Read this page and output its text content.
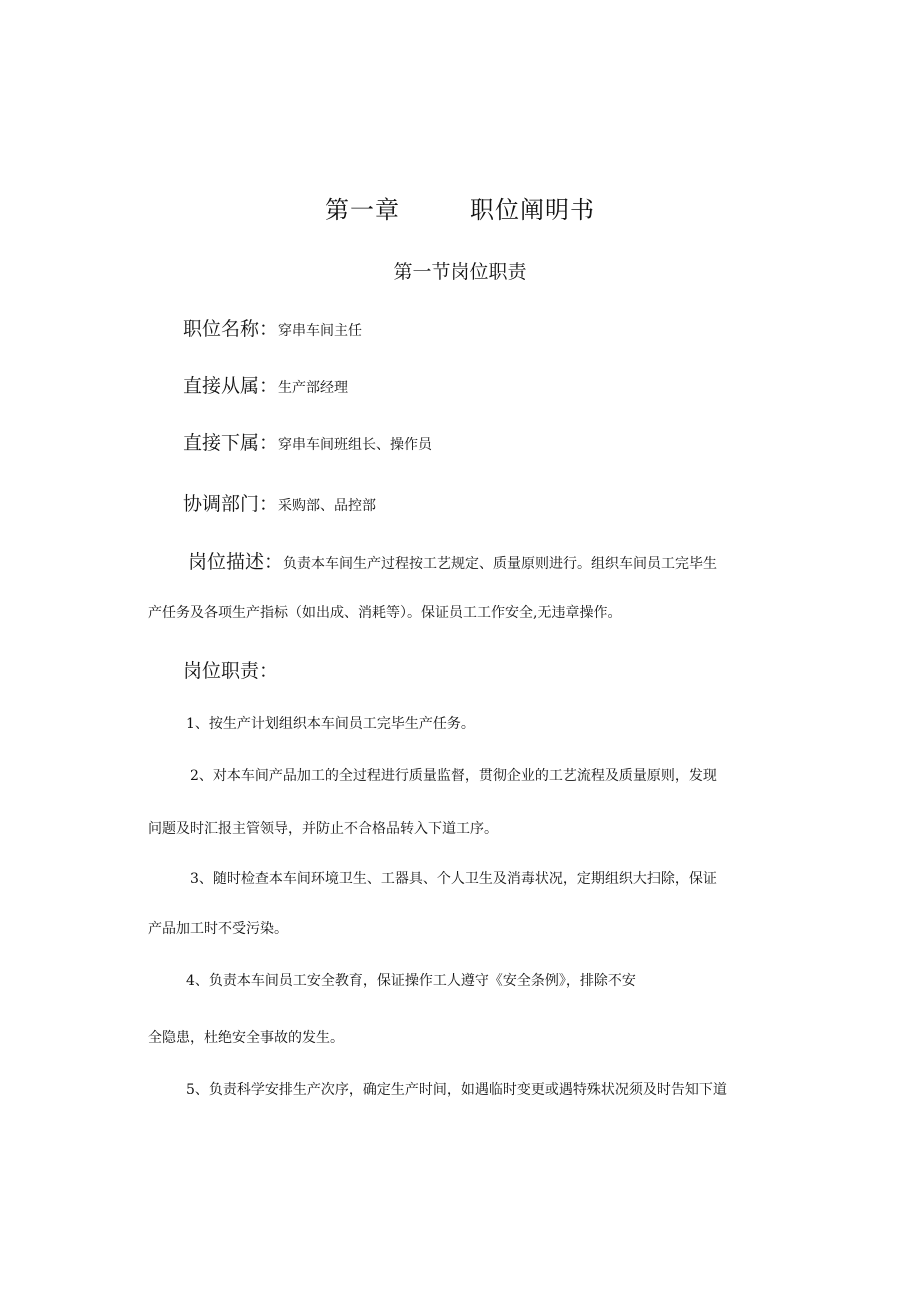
第一章	职位阐明书
第一节岗位职责
职位名称：穿串车间主任
直接从属：生产部经理
直接下属：穿串车间班组长、操作员
协调部门：采购部、品控部
岗位描述：负责本车间生产过程按工艺规定、质量原则进行。组织车间员工完毕生
产任务及各项生产指标（如出成、消耗等）。保证员工工作安全,无违章操作。
岗位职责：
1、按生产计划组织本车间员工完毕生产任务。
2、对本车间产品加工的全过程进行质量监督，贯彻企业的工艺流程及质量原则，发现
问题及时汇报主管领导，并防止不合格品转入下道工序。
3、随时检查本车间环境卫生、工器具、个人卫生及消毒状况，定期组织大扫除，保证
产品加工时不受污染。
4、负责本车间员工安全教育，保证操作工人遵守《安全条例》，排除不安
全隐患，杜绝安全事故的发生。
5、负责科学安排生产次序，确定生产时间，如遇临时变更或遇特殊状况须及时告知下道
